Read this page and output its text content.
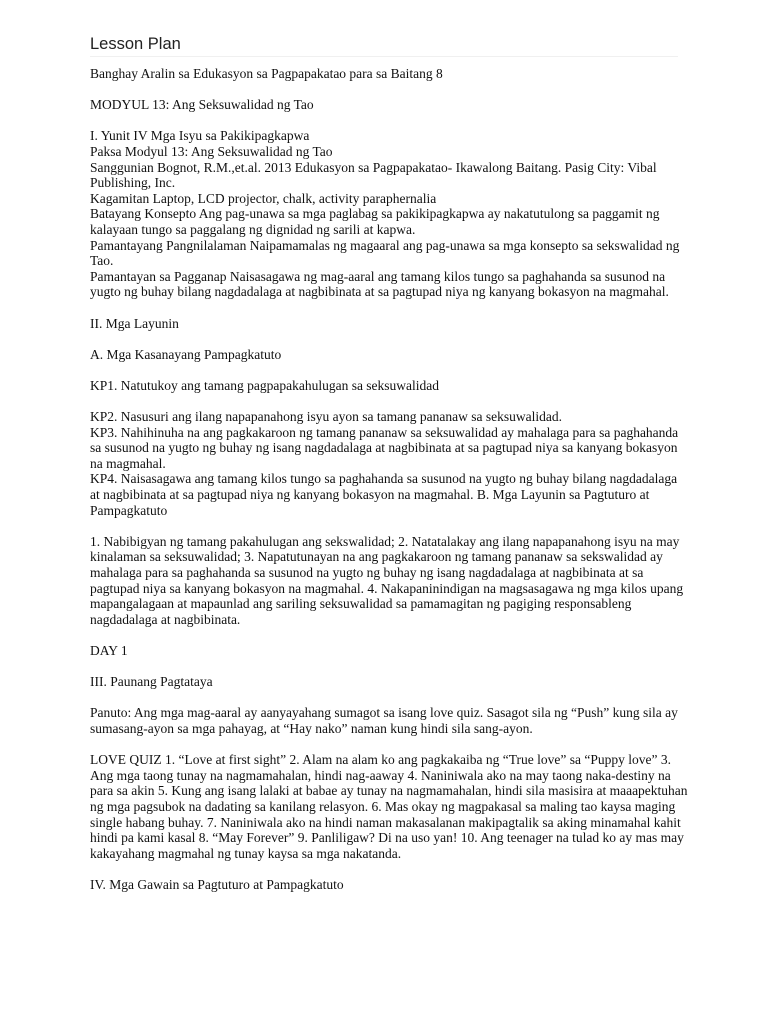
Lesson Plan

Banghay Aralin sa Edukasyon sa Pagpapakatao para sa Baitang 8

MODYUL 13: Ang Seksuwalidad ng Tao

I. Yunit IV Mga Isyu sa Pakikipagkapwa
Paksa Modyul 13: Ang Seksuwalidad ng Tao
Sanggunian Bognot, R.M.,et.al. 2013 Edukasyon sa Pagpapakatao- Ikawalong Baitang. Pasig City: Vibal Publishing, Inc.
Kagamitan Laptop, LCD projector, chalk, activity paraphernalia
Batayang Konsepto Ang pag-unawa sa mga paglabag sa pakikipagkapwa ay nakatutulong sa paggamit ng kalayaan tungo sa paggalang ng dignidad ng sarili at kapwa.
Pamantayang Pangnilalaman Naipamamalas ng magaaral ang pag-unawa sa mga konsepto sa sekswalidad ng Tao.
Pamantayan sa Pagganap Naisasagawa ng mag-aaral ang tamang kilos tungo sa paghahanda sa susunod na yugto ng buhay bilang nagdadalaga at nagbibinata at sa pagtupad niya ng kanyang bokasyon na magmahal.

II. Mga Layunin

A. Mga Kasanayang Pampagkatuto

KP1. Natutukoy ang tamang pagpapakahulugan sa seksuwalidad

KP2. Nasusuri ang ilang napapanahong isyu ayon sa tamang pananaw sa seksuwalidad.
KP3. Nahihinuha na ang pagkakaroon ng tamang pananaw sa seksuwalidad ay mahalaga para sa paghahanda sa susunod na yugto ng buhay ng isang nagdadalaga at nagbibinata at sa pagtupad niya sa kanyang bokasyon na magmahal.
KP4. Naisasagawa ang tamang kilos tungo sa paghahanda sa susunod na yugto ng buhay bilang nagdadalaga at nagbibinata at sa pagtupad niya ng kanyang bokasyon na magmahal. B. Mga Layunin sa Pagtuturo at Pampagkatuto

1. Nabibigyan ng tamang pakahulugan ang sekswalidad; 2. Natatalakay ang ilang napapanahong isyu na may kinalaman sa seksuwalidad; 3. Napatutunayan na ang pagkakaroon ng tamang pananaw sa sekswalidad ay mahalaga para sa paghahanda sa susunod na yugto ng buhay ng isang nagdadalaga at nagbibinata at sa pagtupad niya sa kanyang bokasyon na magmahal. 4. Nakapaninindigan na magsasagawa ng mga kilos upang mapangalagaan at mapaunlad ang sariling seksuwalidad sa pamamagitan ng pagiging responsableng nagdadalaga at nagbibinata.

DAY 1

III. Paunang Pagtataya

Panuto: Ang mga mag-aaral ay aanyayahang sumagot sa isang love quiz. Sasagot sila ng “Push” kung sila ay sumasang-ayon sa mga pahayag, at “Hay nako” naman kung hindi sila sang-ayon.

LOVE QUIZ 1. “Love at first sight” 2. Alam na alam ko ang pagkakaiba ng “True love” sa “Puppy love” 3. Ang mga taong tunay na nagmamahalan, hindi nag-aaway 4. Naniniwala ako na may taong naka-destiny na para sa akin 5. Kung ang isang lalaki at babae ay tunay na nagmamahalan, hindi sila masisira at maaapektuhan ng mga pagsubok na dadating sa kanilang relasyon. 6. Mas okay ng magpakasal sa maling tao kaysa maging single habang buhay. 7. Naniniwala ako na hindi naman makasalanan makipagtalik sa aking minamahal kahit hindi pa kami kasal 8. “May Forever” 9. Panliligaw? Di na uso yan! 10. Ang teenager na tulad ko ay mas may kakayahang magmahal ng tunay kaysa sa mga nakatanda.

IV. Mga Gawain sa Pagtuturo at Pampagkatuto
